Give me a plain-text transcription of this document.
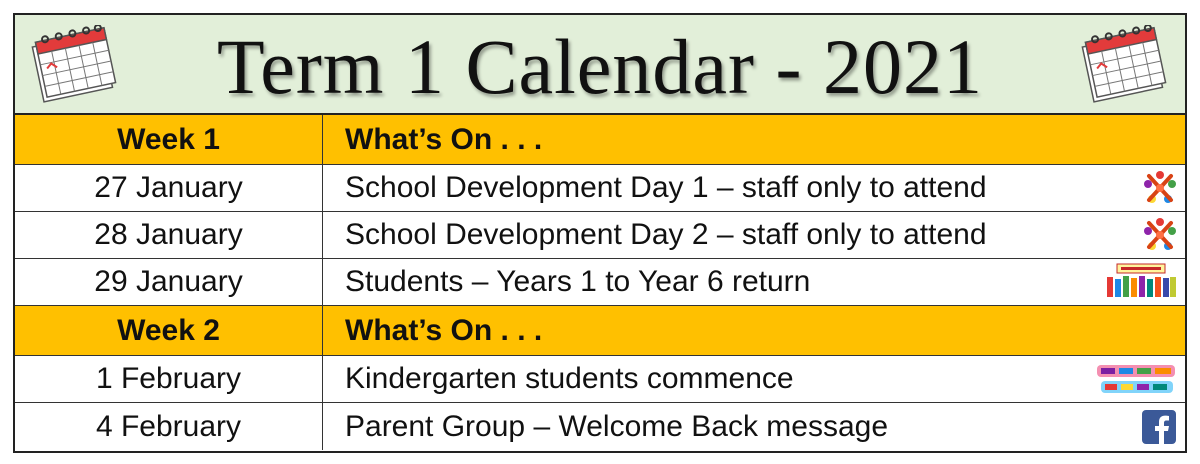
Term 1 Calendar - 2021
Week 1	What’s On . . .
27 January	School Development Day 1 – staff only to attend
28 January	School Development Day 2 – staff only to attend
29 January	Students – Years 1 to Year 6 return
Week 2	What’s On . . .
1 February	Kindergarten students commence
4 February	Parent Group – Welcome Back message
